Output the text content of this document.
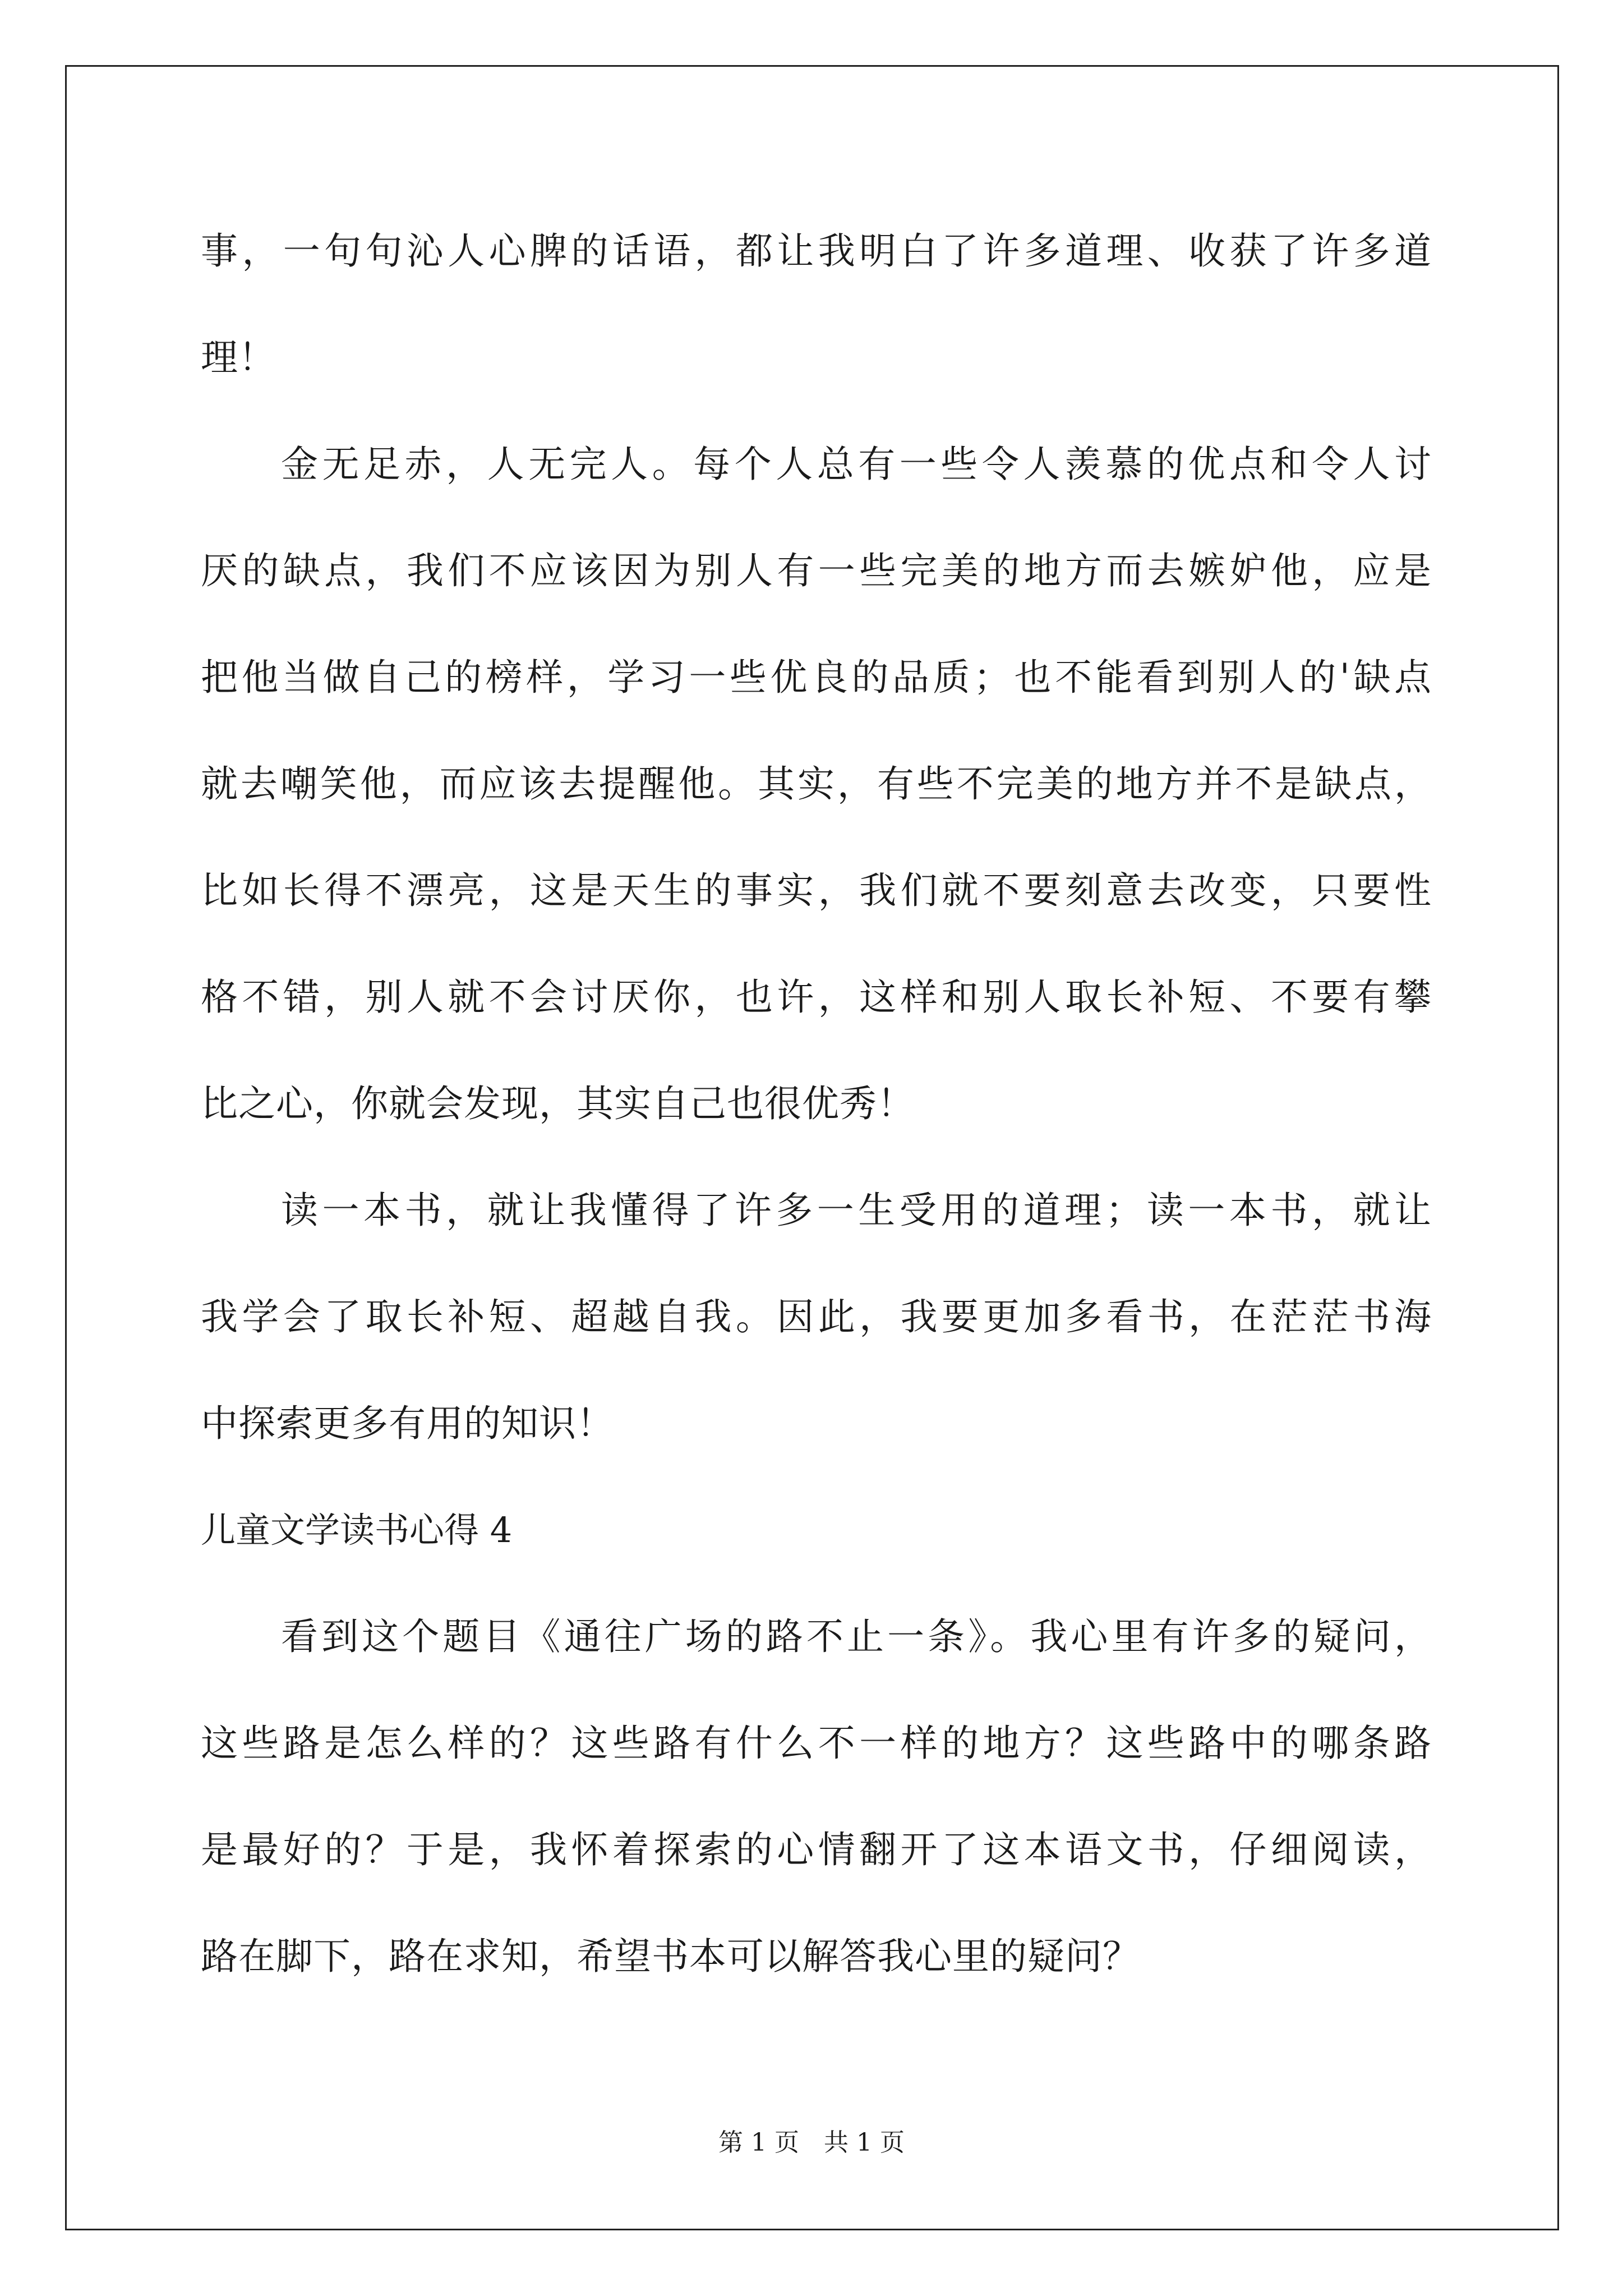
事，一句句沁人心脾的话语，都让我明白了许多道理、收获了许多道
理！
金无足赤，人无完人。每个人总有一些令人羡慕的优点和令人讨
厌的缺点，我们不应该因为别人有一些完美的地方而去嫉妒他，应是
把他当做自己的榜样，学习一些优良的品质；也不能看到别人的'缺点
就去嘲笑他，而应该去提醒他。其实，有些不完美的地方并不是缺点，
比如长得不漂亮，这是天生的事实，我们就不要刻意去改变，只要性
格不错，别人就不会讨厌你，也许，这样和别人取长补短、不要有攀
比之心，你就会发现，其实自己也很优秀！
读一本书，就让我懂得了许多一生受用的道理；读一本书，就让
我学会了取长补短、超越自我。因此，我要更加多看书，在茫茫书海
中探索更多有用的知识！
儿童文学读书心得 4
看到这个题目《通往广场的路不止一条》。我心里有许多的疑问，
这些路是怎么样的？这些路有什么不一样的地方？这些路中的哪条路
是最好的？于是，我怀着探索的心情翻开了这本语文书，仔细阅读，
路在脚下，路在求知，希望书本可以解答我心里的疑问？
第 1 页 共 1 页
